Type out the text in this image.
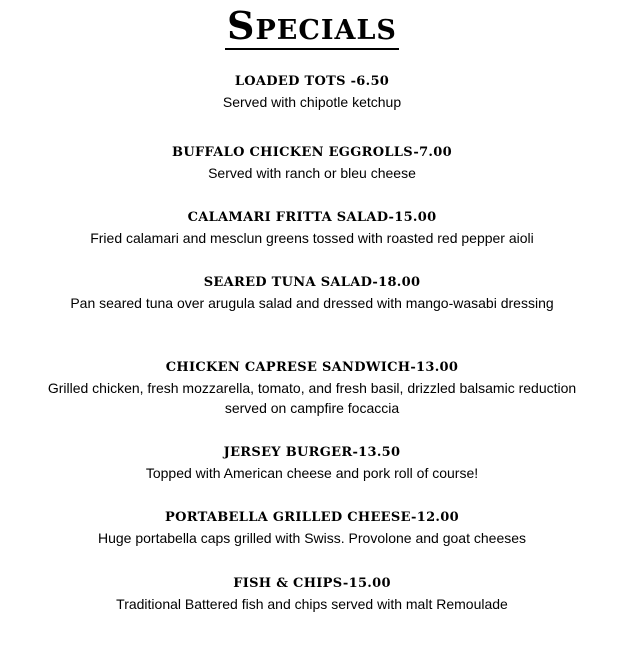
Specials

LOADED TOTS -6.50

Served with chipotle ketchup

BUFFALO CHICKEN EGGROLLS-7.00

Served with ranch or bleu cheese

CALAMARI FRITTA SALAD-15.00

Fried calamari and mesclun greens tossed with roasted red pepper aioli

SEARED TUNA SALAD-18.00

Pan seared tuna over arugula salad and dressed with mango-wasabi dressing

CHICKEN CAPRESE SANDWICH-13.00

Grilled chicken, fresh mozzarella, tomato, and fresh basil, drizzled balsamic reduction served on campfire focaccia

JERSEY BURGER-13.50

Topped with American cheese and pork roll of course!

PORTABELLA GRILLED CHEESE-12.00

Huge portabella caps grilled with Swiss. Provolone and goat cheeses

FISH & CHIPS-15.00

Traditional Battered fish and chips served with malt Remoulade
